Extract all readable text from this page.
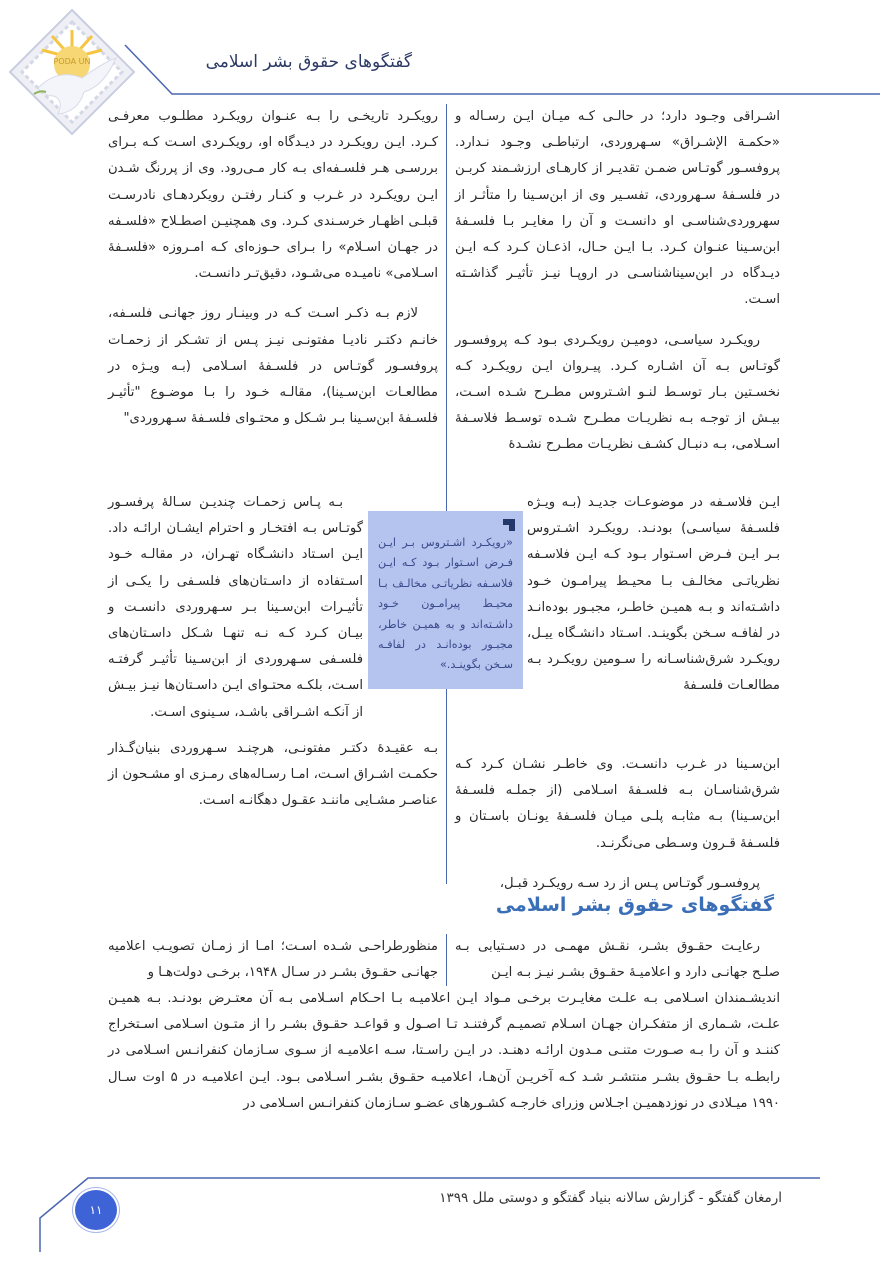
PODA UN	گفتگوهای حقوق بشر اسلامی

اشـراقی وجـود دارد؛ در حالـی کـه میـان ایـن رسـاله و «حکمـة الإشـراق» سـهروردی، ارتباطـی وجـود نـدارد. پروفسـور گوتـاس ضمـن تقدیـر از کارهـای ارزشـمند کربـن در فلسـفۀ سـهروردی، تفسـیر وی از ابن‌سـینا را متأثـر از سهروردی‌شناسـی او دانسـت و آن را مغایـر بـا فلسـفۀ ابن‌سـینا عنـوان کـرد. بـا ایـن حـال، اذعـان کـرد کـه ایـن دیـدگاه در ابن‌سیناشناسـی در اروپـا نیـز تأثیـر گذاشـته اسـت.

رویکـرد سیاسـی، دومیـن رویکـردی بـود کـه پروفسـور گوتـاس بـه آن اشـاره کـرد. پیـروان ایـن رویکـرد کـه نخسـتین بـار توسـط لنـو اشـتروس مطـرح شـده اسـت، بیـش از توجـه بـه نظریـات مطـرح شـده توسـط فلاسـفۀ اسـلامی، بـه دنبـال کشـف نظریـات مطـرح نشـدۀ

ایـن فلاسـفه در موضوعـات جدیـد (بـه ویـژه فلسـفۀ سیاسـی) بودنـد. رویکـرد اشـتروس بـر ایـن فـرض اسـتوار بـود کـه ایـن فلاسـفه نظریاتـی مخالـف بـا محیـط پیرامـون خـود داشـته‌اند و بـه همیـن خاطـر، مجبـور بوده‌انـد در لفافـه سـخن بگوینـد. اسـتاد دانشـگاه ییـل، رویکـرد شرق‌شناسـانه را سـومین رویکـرد بـه مطالعـات فلسـفۀ

ابن‌سـینا در غـرب دانسـت. وی خاطـر نشـان کـرد کـه شرق‌شناسـان بـه فلسـفۀ اسـلامی (از جملـه فلسـفۀ ابن‌سـینا) بـه مثابـه پلـی میـان فلسـفۀ یونـان باسـتان و فلسـفۀ قـرون وسـطی می‌نگرنـد.

پروفسـور گوتـاس پـس از رد سـه رویکـرد قبـل،

رویکـرد تاریخـی را بـه عنـوان رویکـرد مطلـوب معرفـی کـرد. ایـن رویکـرد در دیـدگاه او، رویکـردی اسـت کـه بـرای بررسـی هـر فلسـفه‌ای بـه کار مـی‌رود. وی از پررنگ شـدن ایـن رویکـرد در غـرب و کنـار رفتـن رویکردهـای نادرسـت قبلـی اظهـار خرسـندی کـرد. وی همچنیـن اصطـلاح «فلسـفه در جهـان اسـلام» را بـرای حـوزه‌ای کـه امـروزه «فلسـفۀ اسـلامی» نامیـده می‌شـود، دقیق‌تـر دانسـت.

لازم بـه ذکـر اسـت کـه در وبینـار روز جهانـی فلسـفه، خانـم دکتـر نادیـا مفتونـی نیـز پـس از تشـکر از زحمـات پروفسـور گوتـاس در فلسـفۀ اسـلامی (بـه ویـژه در مطالعـات ابن‌سـینا)، مقالـه خـود را بـا موضـوع "تأثیـر فلسـفۀ ابن‌سـینا بـر شـکل و محتـوای فلسـفۀ سـهروردی"

بـه پـاس زحمـات چندیـن سـالۀ پرفسـور گوتـاس بـه افتخـار و احترام ایشـان ارائـه داد. ایـن اسـتاد دانشـگاه تهـران، در مقالـه خـود اسـتفاده از داسـتان‌های فلسـفی را یکـی از تأثیـرات ابن‌سـینا بـر سـهروردی دانسـت و بیـان کـرد کـه نـه تنهـا شـکل داسـتان‌های فلسـفی سـهروردی از ابن‌سـینا تأثیـر گرفتـه اسـت، بلکـه محتـوای ایـن داسـتان‌ها نیـز بیـش از آنکـه اشـراقی باشـد، سـینوی اسـت.

بـه عقیـدۀ دکتـر مفتونـی، هرچنـد سـهروردی بنیان‌گـذار حکمـت اشـراق اسـت، امـا رسـاله‌های رمـزی او مشـحون از عناصـر مشـایی ماننـد عقـول دهگانـه اسـت.

«رویکـرد اشـتروس بـر ایـن فـرض اسـتوار بـود کـه ایـن فلاسـفه نظریاتـی مخالـف بـا محیـط پیرامـون خـود داشـته‌اند و به همیـن خاطر، مجبـور بوده‌انـد در لفافـه سـخن بگوینـد.»

گفتگوهای حقوق بشر اسلامی

رعایـت حقـوق بشـر، نقـش مهمـی در دسـتیابی بـه صلـح جهانـی دارد و اعلامیـۀ حقـوق بشـر نیـز بـه ایـن

منظورطراحـی شـده اسـت؛ امـا از زمـان تصویـب اعلامیه جهانـی حقـوق بشـر در سـال ۱۹۴۸، برخـی دولت‌هـا و

اندیشـمندان اسـلامی بـه علـت مغایـرت برخـی مـواد ایـن اعلامیـه بـا احـکام اسـلامی بـه آن معتـرض بودنـد. بـه همیـن علـت، شـماری از متفکـران جهـان اسـلام تصمیـم گرفتنـد تـا اصـول و قواعـد حقـوق بشـر را از متـون اسـلامی اسـتخراج کننـد و آن را بـه صـورت متنـی مـدون ارائـه دهنـد. در ایـن راسـتا، سـه اعلامیـه از سـوی سـازمان کنفرانـس اسـلامی در رابطـه بـا حقـوق بشـر منتشـر شـد کـه آخریـن آن‌هـا، اعلامیـه حقـوق بشـر اسـلامی بـود. ایـن اعلامیـه در ۵ اوت سـال ۱۹۹۰ میـلادی در نوزدهمیـن اجـلاس وزرای خارجـه کشـورهای عضـو سـازمان کنفرانـس اسـلامی در

ارمغان گفتگو - گزارش سالانه بنیاد گفتگو و دوستی ملل ۱۳۹۹
۱۱
